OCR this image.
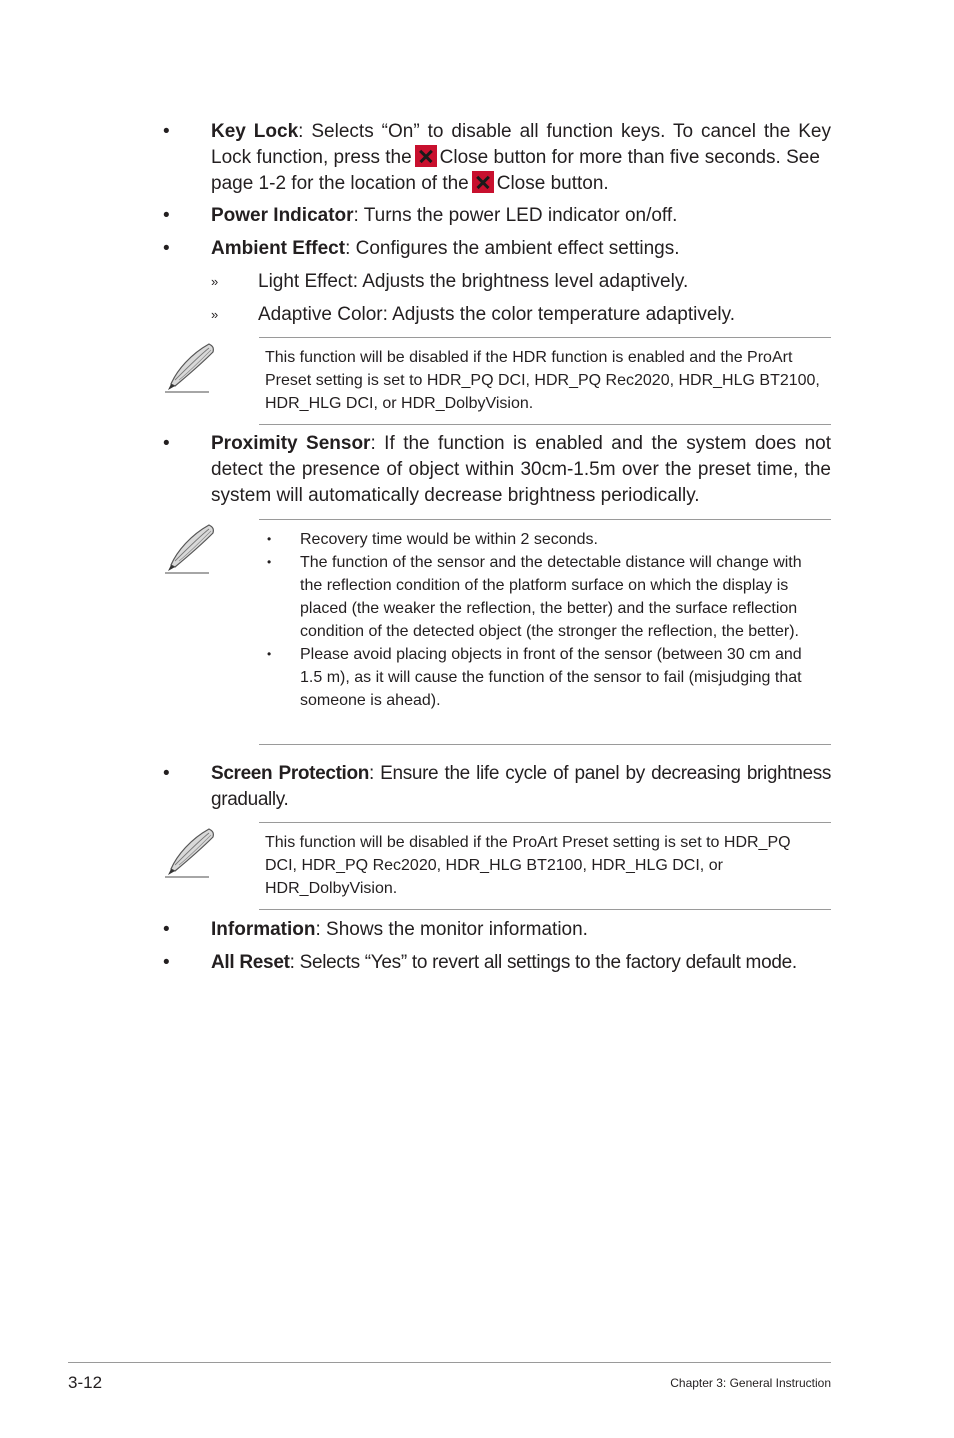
•	Key Lock: Selects “On” to disable all function keys. To cancel the Key
Lock function, press the Close button for more than five seconds. See
page 1-2 for the location of the Close button.
•	Power Indicator: Turns the power LED indicator on/off.
•	Ambient Effect: Configures the ambient effect settings.
» Light Effect: Adjusts the brightness level adaptively.
» Adaptive Color: Adjusts the color temperature adaptively.
This function will be disabled if the HDR function is enabled and the ProArt Preset setting is set to HDR_PQ DCI, HDR_PQ Rec2020, HDR_HLG BT2100, HDR_HLG DCI, or HDR_DolbyVision.
•	Proximity Sensor: If the function is enabled and the system does not detect the presence of object within 30cm-1.5m over the preset time, the system will automatically decrease brightness periodically.
• Recovery time would be within 2 seconds.
• The function of the sensor and the detectable distance will change with the reflection condition of the platform surface on which the display is placed (the weaker the reflection, the better) and the surface reflection condition of the detected object (the stronger the reflection, the better).
• Please avoid placing objects in front of the sensor (between 30 cm and 1.5 m), as it will cause the function of the sensor to fail (misjudging that someone is ahead).
•	Screen Protection: Ensure the life cycle of panel by decreasing brightness gradually.
This function will be disabled if the ProArt Preset setting is set to HDR_PQ DCI, HDR_PQ Rec2020, HDR_HLG BT2100, HDR_HLG DCI, or HDR_DolbyVision.
•	Information: Shows the monitor information.
•	All Reset: Selects “Yes” to revert all settings to the factory default mode.
3-12	Chapter 3: General Instruction
